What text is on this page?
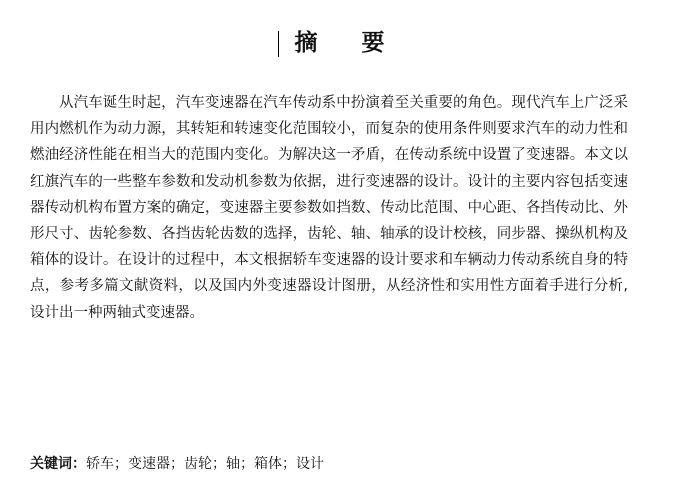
摘 要

从汽车诞生时起，汽车变速器在汽车传动系中扮演着至关重要的角色。现代汽车上广泛采用内燃机作为动力源，其转矩和转速变化范围较小，而复杂的使用条件则要求汽车的动力性和燃油经济性能在相当大的范围内变化。为解决这一矛盾，在传动系统中设置了变速器。本文以红旗汽车的一些整车参数和发动机参数为依据，进行变速器的设计。设计的主要内容包括变速器传动机构布置方案的确定，变速器主要参数如挡数、传动比范围、中心距、各挡传动比、外形尺寸、齿轮参数、各挡齿轮齿数的选择，齿轮、轴、轴承的设计校核，同步器、操纵机构及箱体的设计。在设计的过程中，本文根据轿车变速器的设计要求和车辆动力传动系统自身的特点，参考多篇文献资料，以及国内外变速器设计图册，从经济性和实用性方面着手进行分析,设计出一种两轴式变速器。

关键词：轿车；变速器；齿轮；轴；箱体；设计
